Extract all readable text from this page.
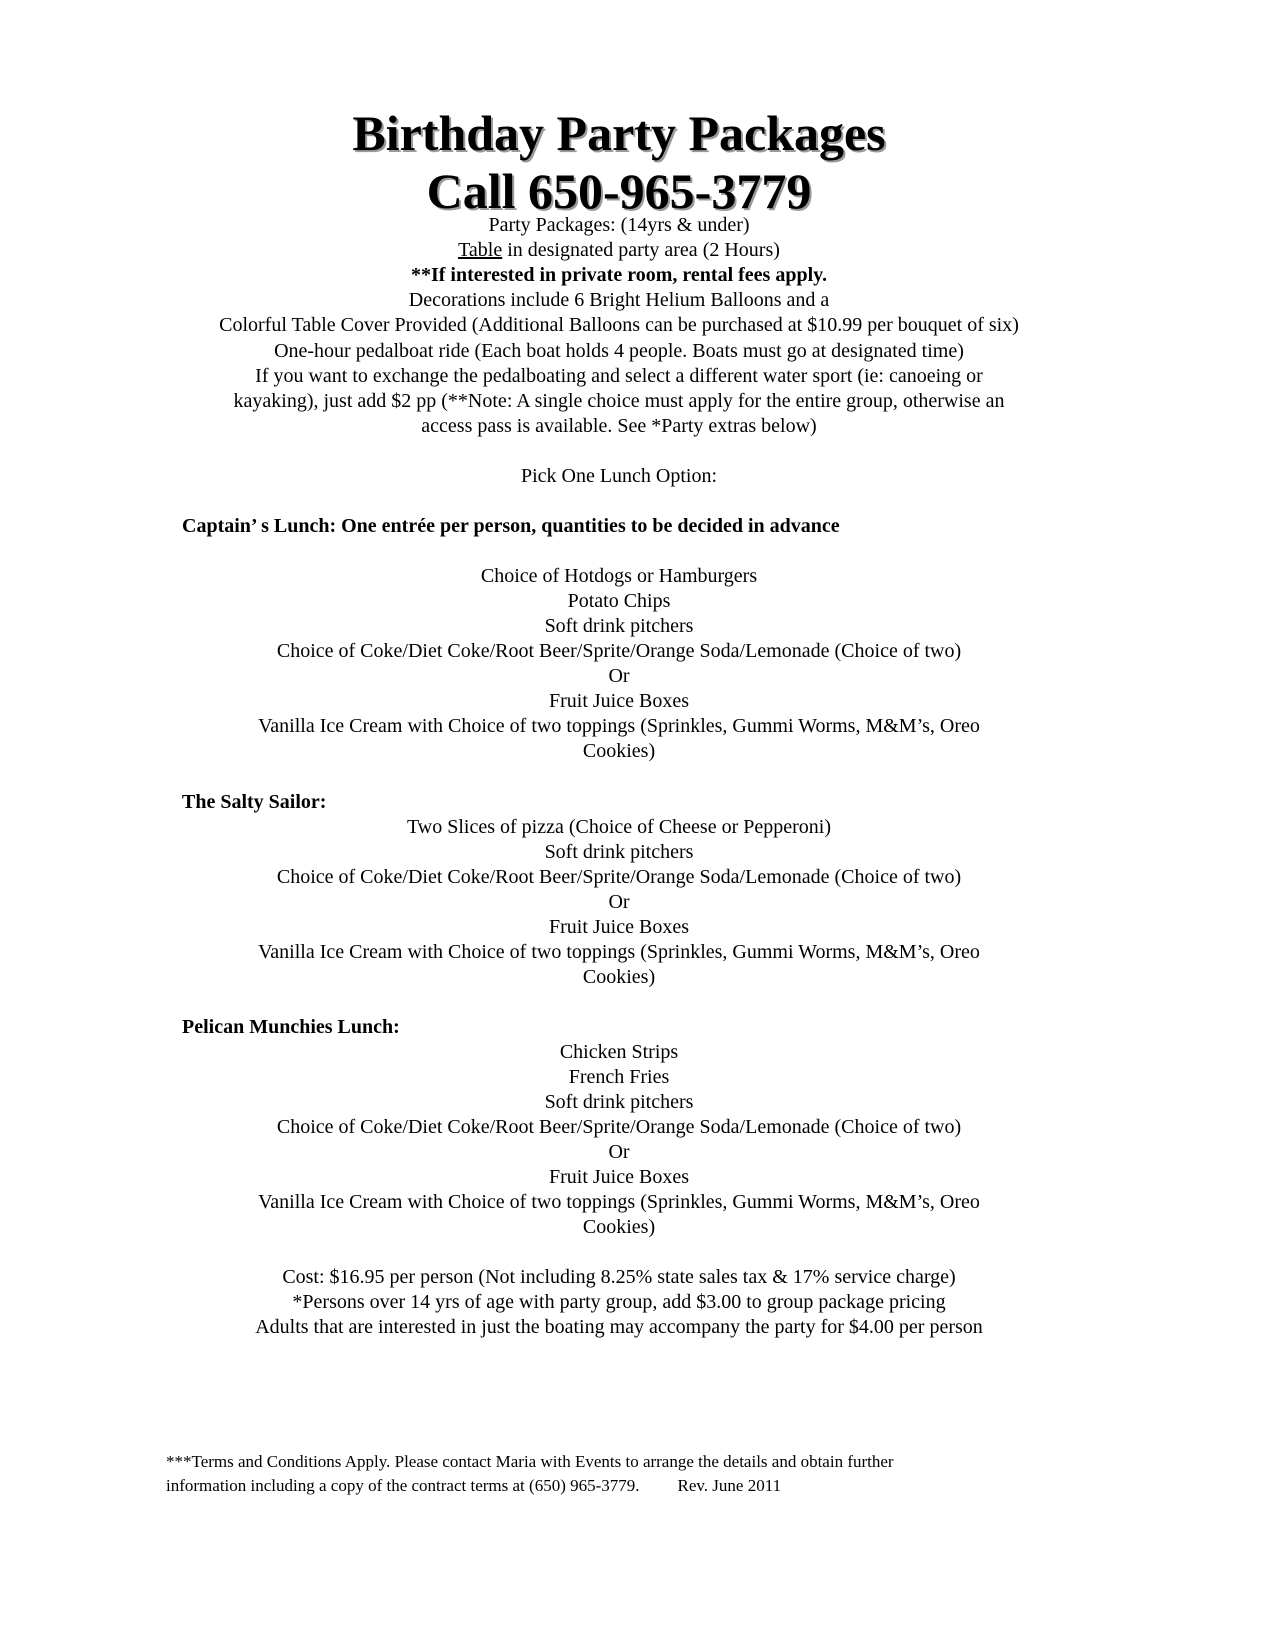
Birthday Party Packages
Call 650-965-3779
Party Packages: (14yrs & under)
Table in designated party area (2 Hours)
**If interested in private room, rental fees apply.
Decorations include 6 Bright Helium Balloons and a
Colorful Table Cover Provided (Additional Balloons can be purchased at $10.99 per bouquet of six)
One-hour pedalboat ride (Each boat holds 4 people. Boats must go at designated time)
If you want to exchange the pedalboating and select a different water sport (ie: canoeing or
kayaking), just add $2 pp (**Note: A single choice must apply for the entire group, otherwise an
access pass is available. See *Party extras below)
Pick One Lunch Option:
Captain’ s Lunch: One entrée per person, quantities to be decided in advance
Choice of Hotdogs or Hamburgers
Potato Chips
Soft drink pitchers
Choice of Coke/Diet Coke/Root Beer/Sprite/Orange Soda/Lemonade (Choice of two)
Or
Fruit Juice Boxes
Vanilla Ice Cream with Choice of two toppings (Sprinkles, Gummi Worms, M&M’s, Oreo
Cookies)
The Salty Sailor:
Two Slices of pizza (Choice of Cheese or Pepperoni)
Soft drink pitchers
Choice of Coke/Diet Coke/Root Beer/Sprite/Orange Soda/Lemonade (Choice of two)
Or
Fruit Juice Boxes
Vanilla Ice Cream with Choice of two toppings (Sprinkles, Gummi Worms, M&M’s, Oreo
Cookies)
Pelican Munchies Lunch:
Chicken Strips
French Fries
Soft drink pitchers
Choice of Coke/Diet Coke/Root Beer/Sprite/Orange Soda/Lemonade (Choice of two)
Or
Fruit Juice Boxes
Vanilla Ice Cream with Choice of two toppings (Sprinkles, Gummi Worms, M&M’s, Oreo
Cookies)
Cost: $16.95 per person (Not including 8.25% state sales tax & 17% service charge)
*Persons over 14 yrs of age with party group, add $3.00 to group package pricing
Adults that are interested in just the boating may accompany the party for $4.00 per person
***Terms and Conditions Apply. Please contact Maria with Events to arrange the details and obtain further
information including a copy of the contract terms at (650) 965-3779. Rev. June 2011
